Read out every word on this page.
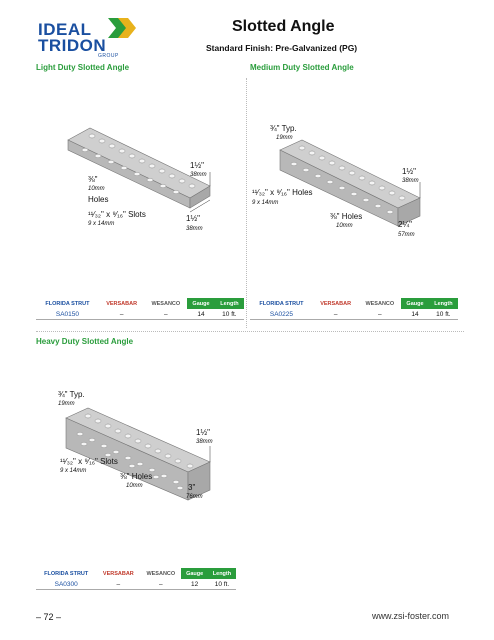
IDEAL
TRIDON
GROUP
Slotted Angle
Standard Finish: Pre-Galvanized (PG)
Light Duty Slotted Angle	Medium Duty Slotted Angle
1½"
38mm
1½"
38mm
⅜"
10mm
Holes
¹¹⁄₃₂" x ⁹⁄₁₆" Slots
9 x 14mm
¾" Typ.
19mm
1½"
38mm
2¼"
57mm
¹¹⁄₃₂" x ⁹⁄₁₆" Holes
9 x 14mm
⅜" Holes
10mm
FLORIDA STRUT	VERSABAR	WESANCO	Gauge	Length
SA0150	–	–	14	10 ft.
FLORIDA STRUT	VERSABAR	WESANCO	Gauge	Length
SA0225	–	–	14	10 ft.
Heavy Duty Slotted Angle
¾" Typ.
19mm
1½"
38mm
3"
76mm
¹¹⁄₃₂" x ⁹⁄₁₆" Slots
9 x 14mm
⅜" Holes
10mm
FLORIDA STRUT	VERSABAR	WESANCO	Gauge	Length
SA0300	–	–	12	10 ft.
– 72 –	www.zsi-foster.com
